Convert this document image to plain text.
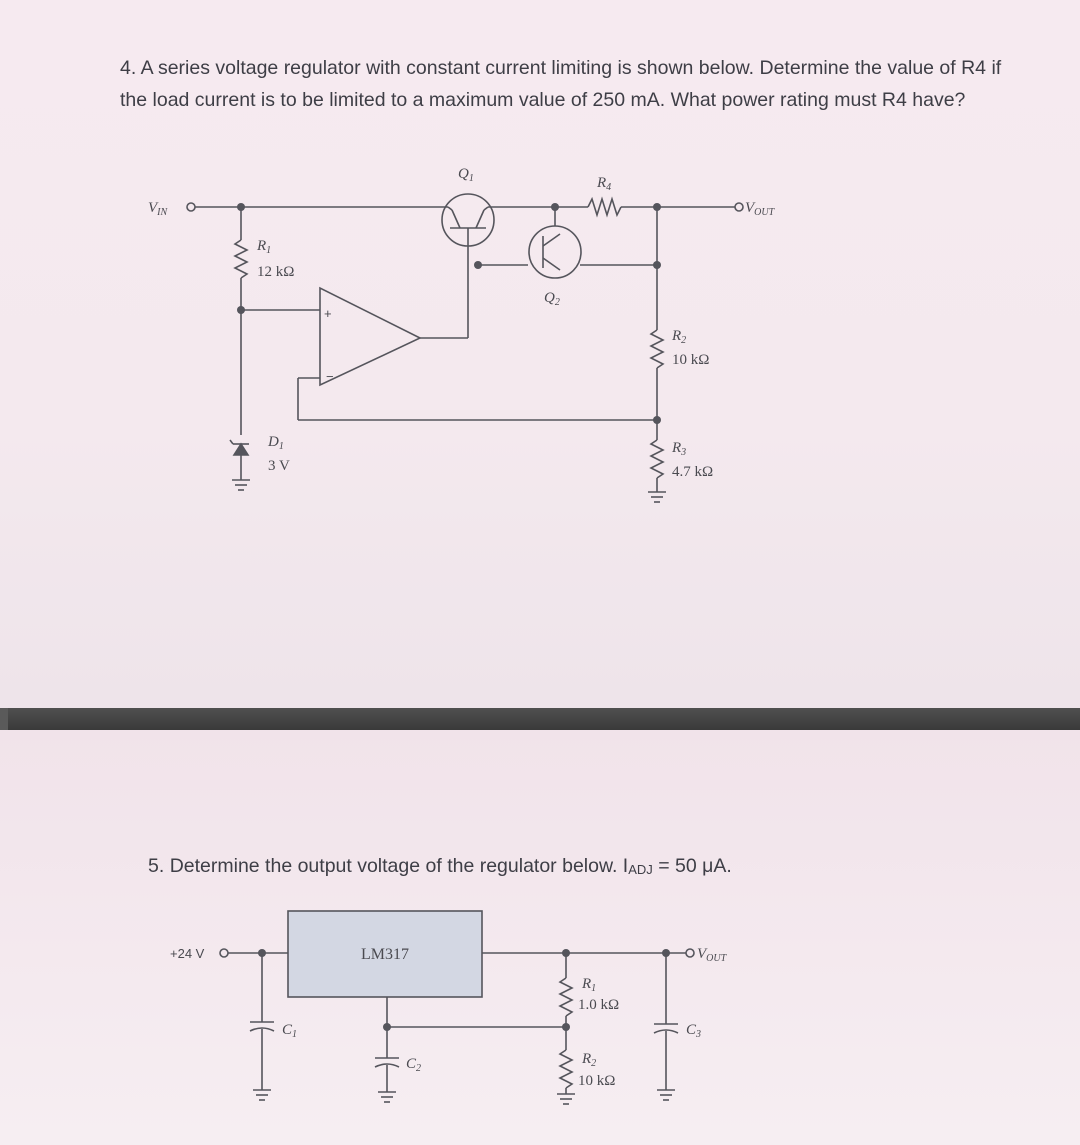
4. A series voltage regulator with constant current limiting is shown below. Determine the value of R4 if the load current is to be limited to a maximum value of 250 mA. What power rating must R4 have?
$V_{IN}$	$V_{OUT}$
$Q_1$
$Q_2$
$R_4$
$R_1$
12 kΩ
$R_2$
10 kΩ
$R_3$
4.7 kΩ
$D_1$
3 V
+
−
+24 V	LM317	$V_{OUT}$
$R_1$
1.0 kΩ
$R_2$
10 kΩ
$C_1$
$C_2$
$C_3$
5. Determine the output voltage of the regulator below. IADJ = 50 μA.
